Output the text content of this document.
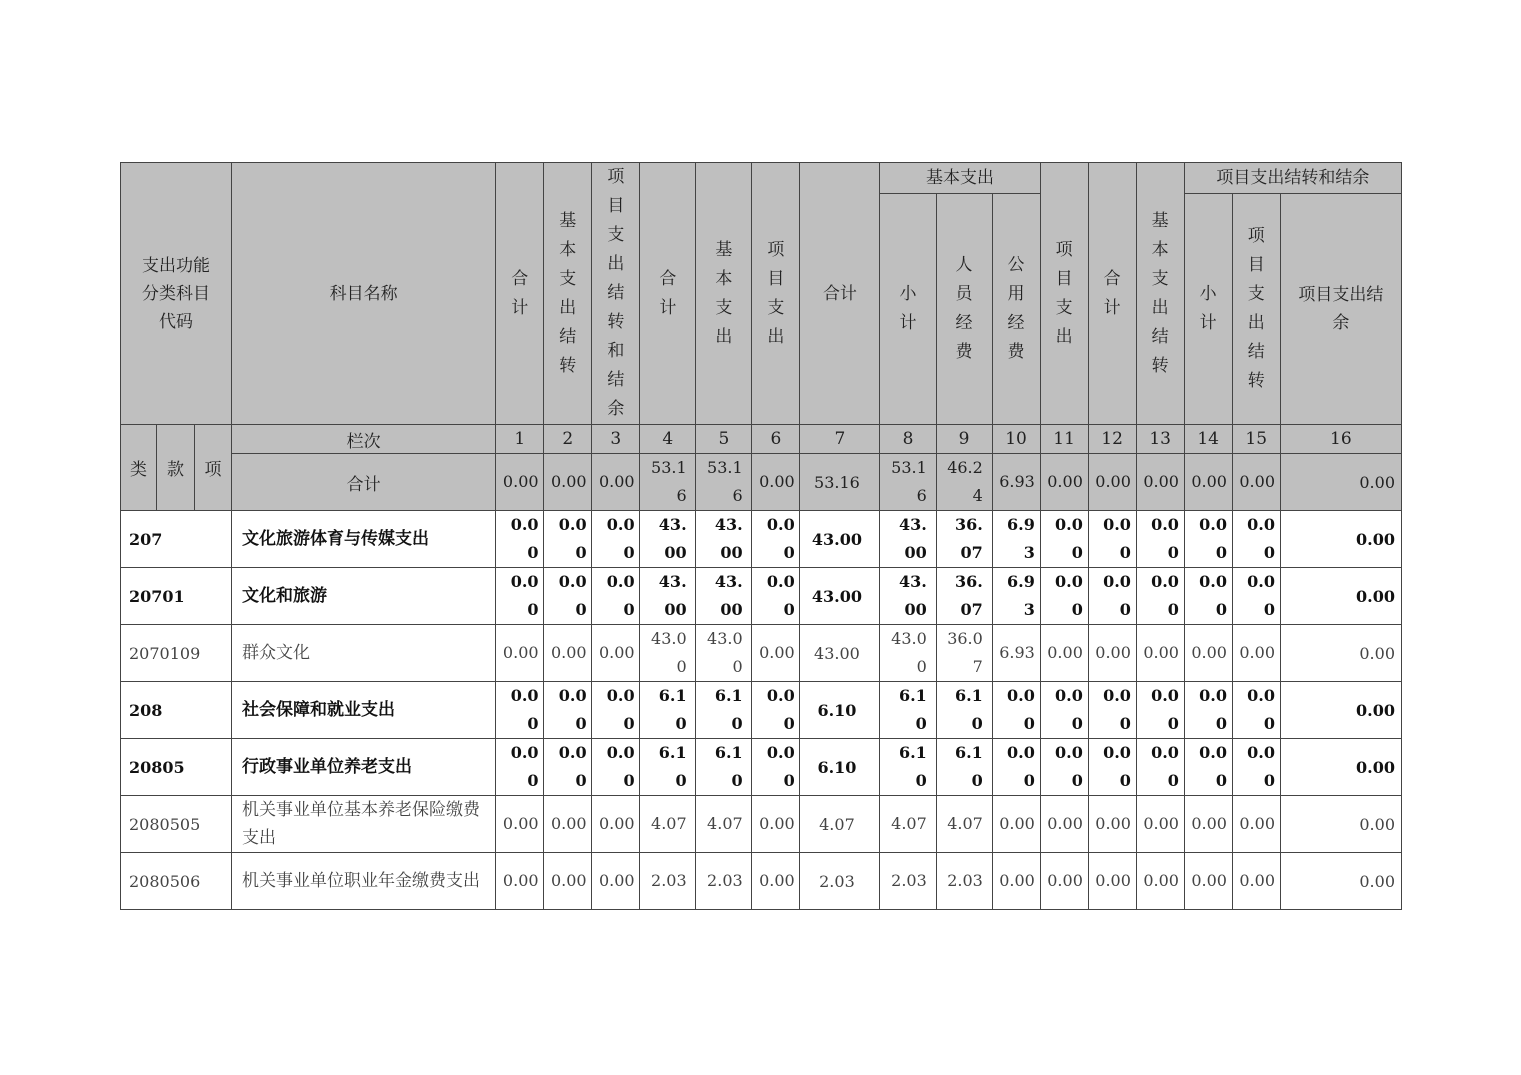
支出功能分类科目代码			科目名称	合计	基本支出结转	项目支出结转和结余	合计	基本支出	项目支出	合计	基本支出			项目支出	合计	基本支出结转	项目支出结转和结余		
											小计	人员经费	公用经费				小计	项目支出结转	项目支出结余
类	款	项	栏次	1	2	3	4	5	6	7	8	9	10	11	12	13	14	15	16
			合计	0.00	0.00	0.00	53.16	53.16	0.00	53.16	53.16	46.24	6.93	0.00	0.00	0.00	0.00	0.00	0.00

207			文化旅游体育与传媒支出	0.00	0.00	0.00	43.00	43.00	0.00	43.00	43.00	36.07	6.93	0.00	0.00	0.00	0.00	0.00	0.00

20701			文化和旅游	0.00	0.00	0.00	43.00	43.00	0.00	43.00	43.00	36.07	6.93	0.00	0.00	0.00	0.00	0.00	0.00

2070109			群众文化	0.00	0.00	0.00	43.00	43.00	0.00	43.00	43.00	36.07	6.93	0.00	0.00	0.00	0.00	0.00	0.00

208			社会保障和就业支出	0.00	0.00	0.00	6.10	6.10	0.00	6.10	6.10	6.10	0.00	0.00	0.00	0.00	0.00	0.00	0.00

20805			行政事业单位养老支出	0.00	0.00	0.00	6.10	6.10	0.00	6.10	6.10	6.10	0.00	0.00	0.00	0.00	0.00	0.00	0.00

2080505			机关事业单位基本养老保险缴费支出	0.00	0.00	0.00	4.07	4.07	0.00	4.07	4.07	4.07	0.00	0.00	0.00	0.00	0.00	0.00	0.00

2080506			机关事业单位职业年金缴费支出	0.00	0.00	0.00	2.03	2.03	0.00	2.03	2.03	2.03	0.00	0.00	0.00	0.00	0.00	0.00	0.00
